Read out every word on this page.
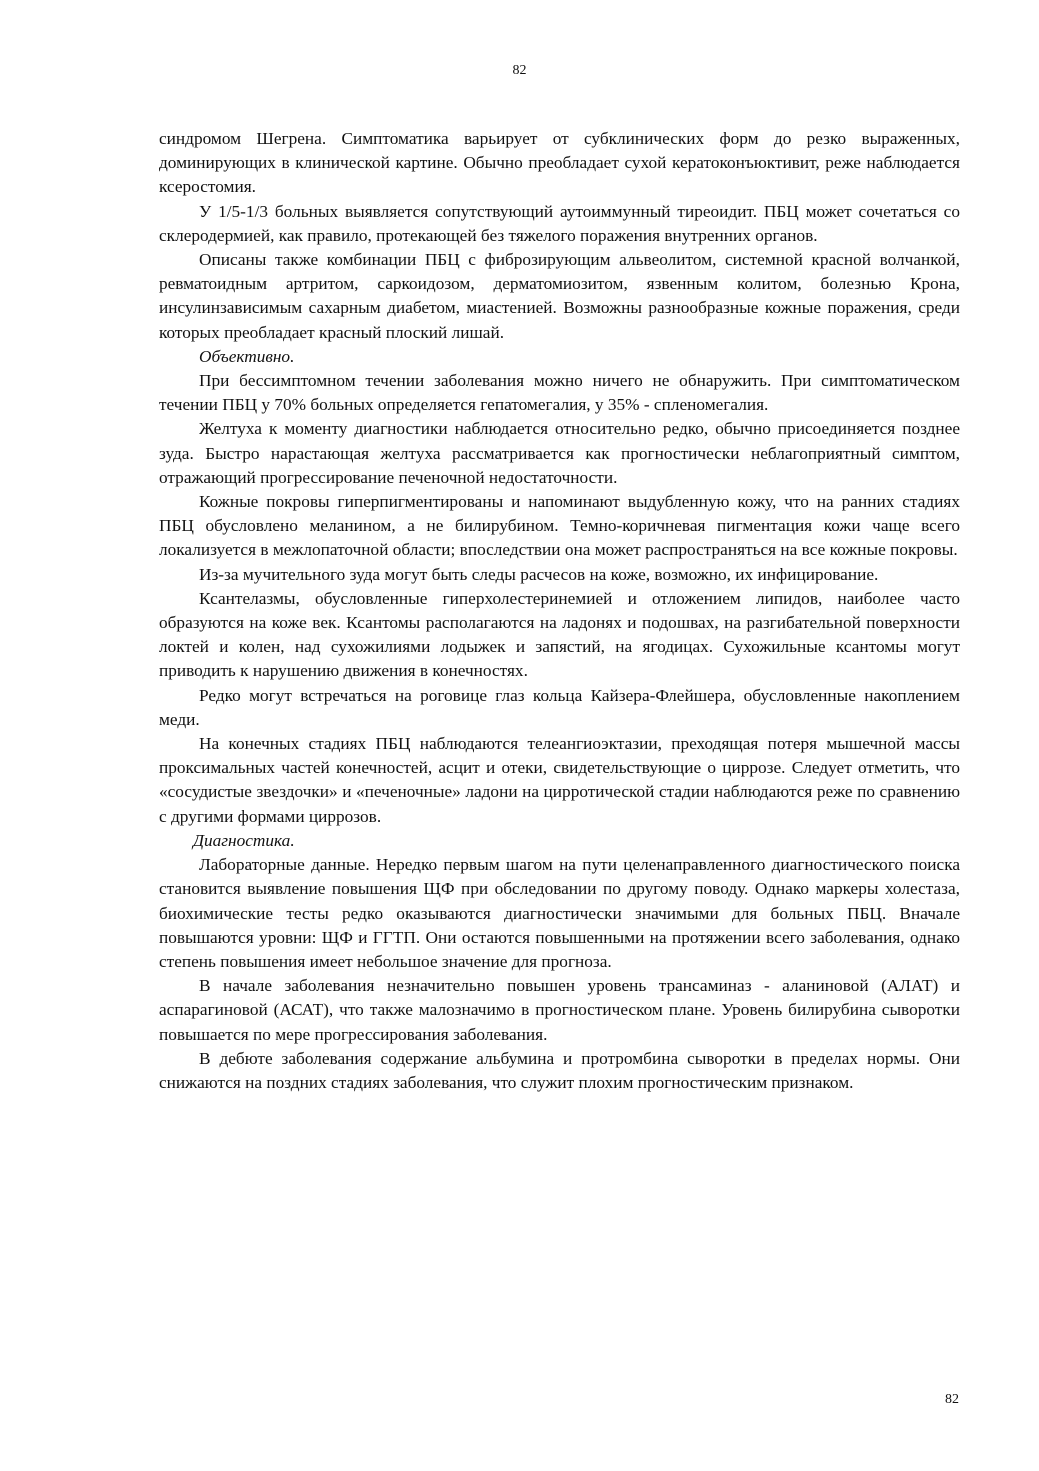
82

синдромом Шегрена. Симптоматика варьирует от субклинических форм до резко выраженных, доминирующих в клинической картине. Обычно преобладает сухой кератоконъюктивит, реже наблюдается ксеростомия.

У 1/5-1/3 больных выявляется сопутствующий аутоиммунный тиреоидит. ПБЦ может сочетаться со склеродермией, как правило, протекающей без тяжелого поражения внутренних органов.

Описаны также комбинации ПБЦ с фиброзирующим альвеолитом, системной красной волчанкой, ревматоидным артритом, саркоидозом, дерматомиозитом, язвенным колитом, болезнью Крона, инсулинзависимым сахарным диабетом, миастенией. Возможны разнообразные кожные поражения, среди которых преобладает красный плоский лишай.

Объективно.

При бессимптомном течении заболевания можно ничего не обнаружить. При симптоматическом течении ПБЦ у 70% больных определяется гепатомегалия, у 35% - спленомегалия.

Желтуха к моменту диагностики наблюдается относительно редко, обычно присоединяется позднее зуда. Быстро нарастающая желтуха рассматривается как прогностически неблагоприятный симптом, отражающий прогрессирование печеночной недостаточности.

Кожные покровы гиперпигментированы и напоминают выдубленную кожу, что на ранних стадиях ПБЦ обусловлено меланином, а не билирубином. Темно-коричневая пигментация кожи чаще всего локализуется в межлопаточной области; впоследствии она может распространяться на все кожные покровы.

Из-за мучительного зуда могут быть следы расчесов на коже, возможно, их инфицирование.

Ксантелазмы, обусловленные гиперхолестеринемией и отложением липидов, наиболее часто образуются на коже век. Ксантомы располагаются на ладонях и подошвах, на разгибательной поверхности локтей и колен, над сухожилиями лодыжек и запястий, на ягодицах. Сухожильные ксантомы могут приводить к нарушению движения в конечностях.

Редко могут встречаться на роговице глаз кольца Кайзера-Флейшера, обусловленные накоплением меди.

На конечных стадиях ПБЦ наблюдаются телеангиоэктазии, преходящая потеря мышечной массы проксимальных частей конечностей, асцит и отеки, свидетельствующие о циррозе. Следует отметить, что «сосудистые звездочки» и «печеночные» ладони на цирротической стадии наблюдаются реже по сравнению с другими формами циррозов.

Диагностика.

Лабораторные данные. Нередко первым шагом на пути целенаправленного диагностического поиска становится выявление повышения ЩФ при обследовании по другому поводу. Однако маркеры холестаза, биохимические тесты редко оказываются диагностически значимыми для больных ПБЦ. Вначале повышаются уровни: ЩФ и ГГТП. Они остаются повышенными на протяжении всего заболевания, однако степень повышения имеет небольшое значение для прогноза.

В начале заболевания незначительно повышен уровень трансаминаз - аланиновой (АЛАТ) и аспарагиновой (АСАТ), что также малозначимо в прогностическом плане. Уровень билирубина сыворотки повышается по мере прогрессирования заболевания.

В дебюте заболевания содержание альбумина и протромбина сыворотки в пределах нормы. Они снижаются на поздних стадиях заболевания, что служит плохим прогностическим признаком.

82
